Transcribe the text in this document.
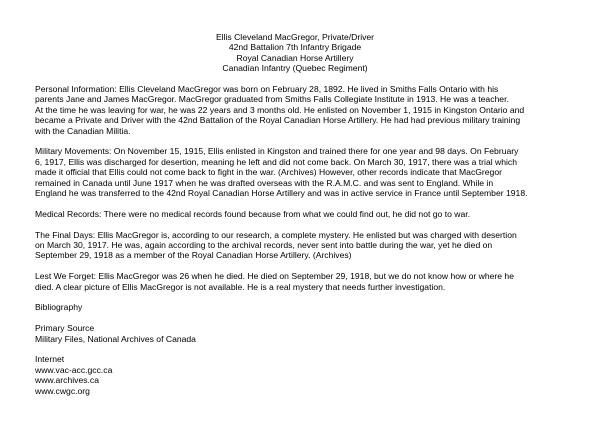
Ellis Cleveland MacGregor, Private/Driver
42nd Battalion 7th Infantry Brigade
Royal Canadian Horse Artillery
Canadian Infantry (Quebec Regiment)

Personal Information: Ellis Cleveland MacGregor was born on February 28, 1892. He lived in Smiths Falls Ontario with his
parents Jane and James MacGregor. MacGregor graduated from Smiths Falls Collegiate Institute in 1913. He was a teacher.
At the time he was leaving for war, he was 22 years and 3 months old. He enlisted on November 1, 1915 in Kingston Ontario and
became a Private and Driver with the 42nd Battalion of the Royal Canadian Horse Artillery. He had had previous military training
with the Canadian Militia.

Military Movements: On November 15, 1915, Ellis enlisted in Kingston and trained there for one year and 98 days. On February
6, 1917, Ellis was discharged for desertion, meaning he left and did not come back. On March 30, 1917, there was a trial which
made it official that Ellis could not come back to fight in the war. (Archives) However, other records indicate that MacGregor
remained in Canada until June 1917 when he was drafted overseas with the R.A.M.C. and was sent to England. While in
England he was transferred to the 42nd Royal Canadian Horse Artillery and was in active service in France until September 1918.

Medical Records: There were no medical records found because from what we could find out, he did not go to war.

The Final Days: Ellis MacGregor is, according to our research, a complete mystery. He enlisted but was charged with desertion
on March 30, 1917. He was, again according to the archival records, never sent into battle during the war, yet he died on
September 29, 1918 as a member of the Royal Canadian Horse Artillery. (Archives)

Lest We Forget: Ellis MacGregor was 26 when he died. He died on September 29, 1918, but we do not know how or where he
died. A clear picture of Ellis MacGregor is not available. He is a real mystery that needs further investigation.

Bibliography

Primary Source
Military Files, National Archives of Canada

Internet
www.vac-acc.gcc.ca
www.archives.ca
www.cwgc.org
